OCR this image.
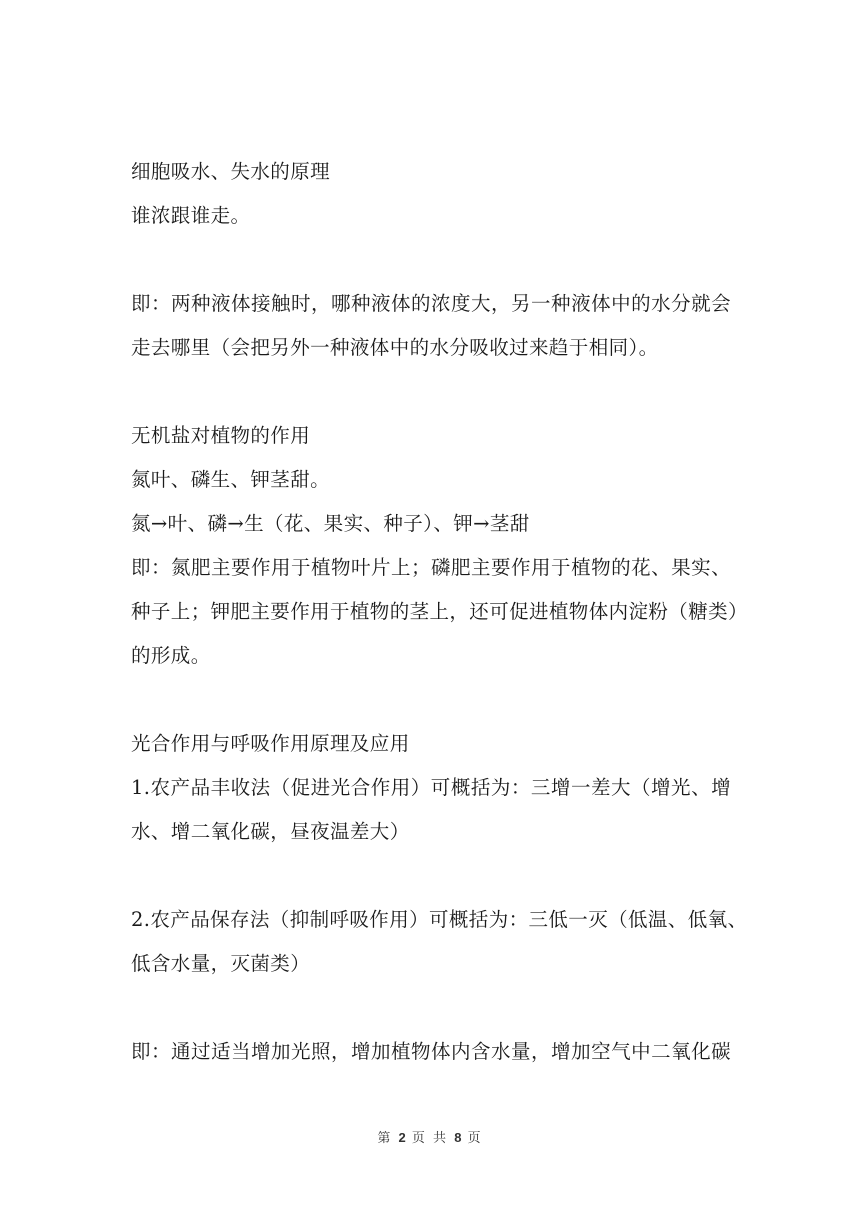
细胞吸水、失水的原理
谁浓跟谁走。
即：两种液体接触时，哪种液体的浓度大，另一种液体中的水分就会
走去哪里（会把另外一种液体中的水分吸收过来趋于相同）。
无机盐对植物的作用
氮叶、磷生、钾茎甜。
氮→叶、磷→生（花、果实、种子）、钾→茎甜
即：氮肥主要作用于植物叶片上；磷肥主要作用于植物的花、果实、
种子上；钾肥主要作用于植物的茎上，还可促进植物体内淀粉（糖类）
的形成。
光合作用与呼吸作用原理及应用
1.农产品丰收法（促进光合作用）可概括为：三增一差大（增光、增
水、增二氧化碳，昼夜温差大）
2.农产品保存法（抑制呼吸作用）可概括为：三低一灭（低温、低氧、
低含水量，灭菌类）
即：通过适当增加光照，增加植物体内含水量，增加空气中二氧化碳
第 2 页 共 8 页
